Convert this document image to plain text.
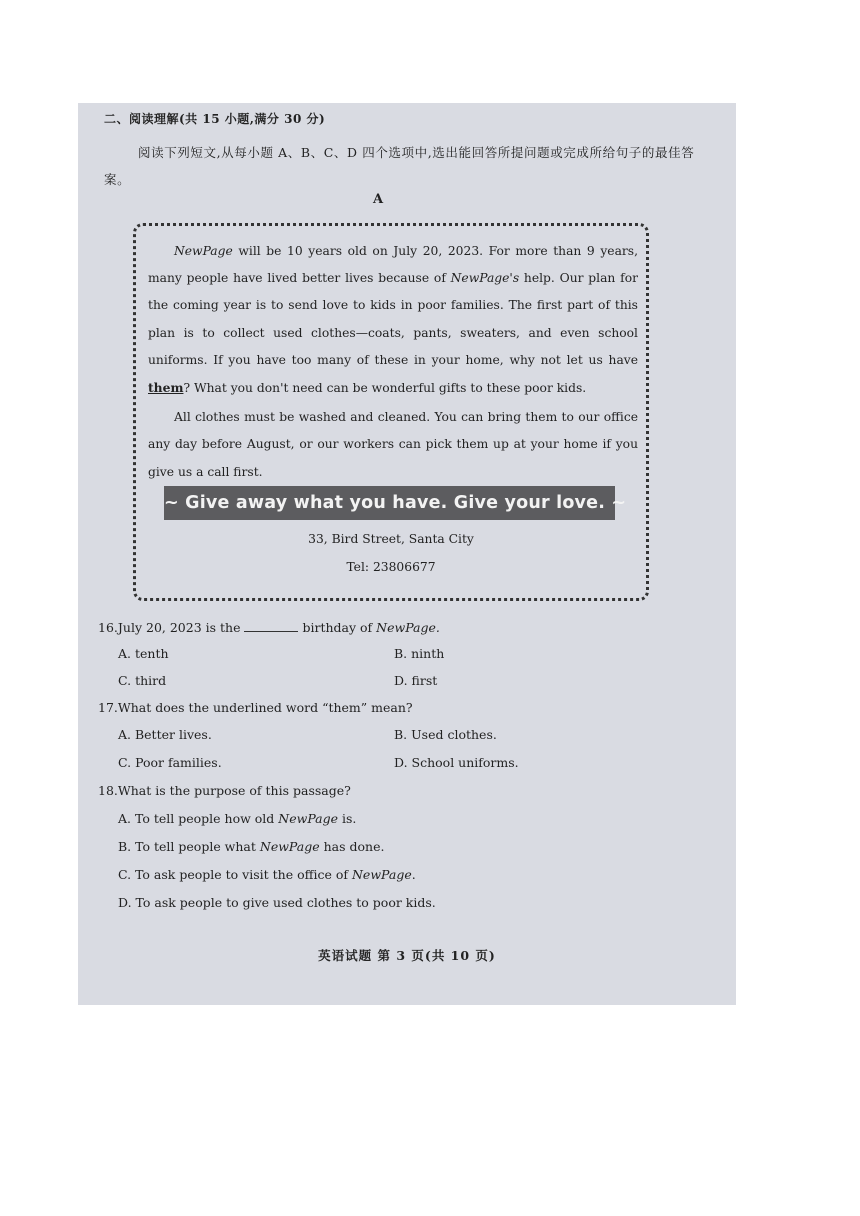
二、阅读理解(共 15 小题,满分 30 分)
阅读下列短文,从每小题 A、B、C、D 四个选项中,选出能回答所提问题或完成所给句子的最佳答案。
A

NewPage will be 10 years old on July 20, 2023. For more than 9 years, many people have lived better lives because of NewPage's help. Our plan for the coming year is to send love to kids in poor families. The first part of this plan is to collect used clothes—coats, pants, sweaters, and even school uniforms. If you have too many of these in your home, why not let us have them? What you don't need can be wonderful gifts to these poor kids.

All clothes must be washed and cleaned. You can bring them to our office any day before August, or our workers can pick them up at your home if you give us a call first.

~ Give away what you have. Give your love. ~
33, Bird Street, Santa City
Tel: 23806677
16.July 20, 2023 is the	birthday of NewPage.
A. tenth	B. ninth
C. third	D. first
17.What does the underlined word “them” mean?
A. Better lives.	B. Used clothes.
C. Poor families.	D. School uniforms.
18.What is the purpose of this passage?
A. To tell people how old NewPage is.
B. To tell people what NewPage has done.
C. To ask people to visit the office of NewPage.
D. To ask people to give used clothes to poor kids.
英语试题 第 3 页(共 10 页)
